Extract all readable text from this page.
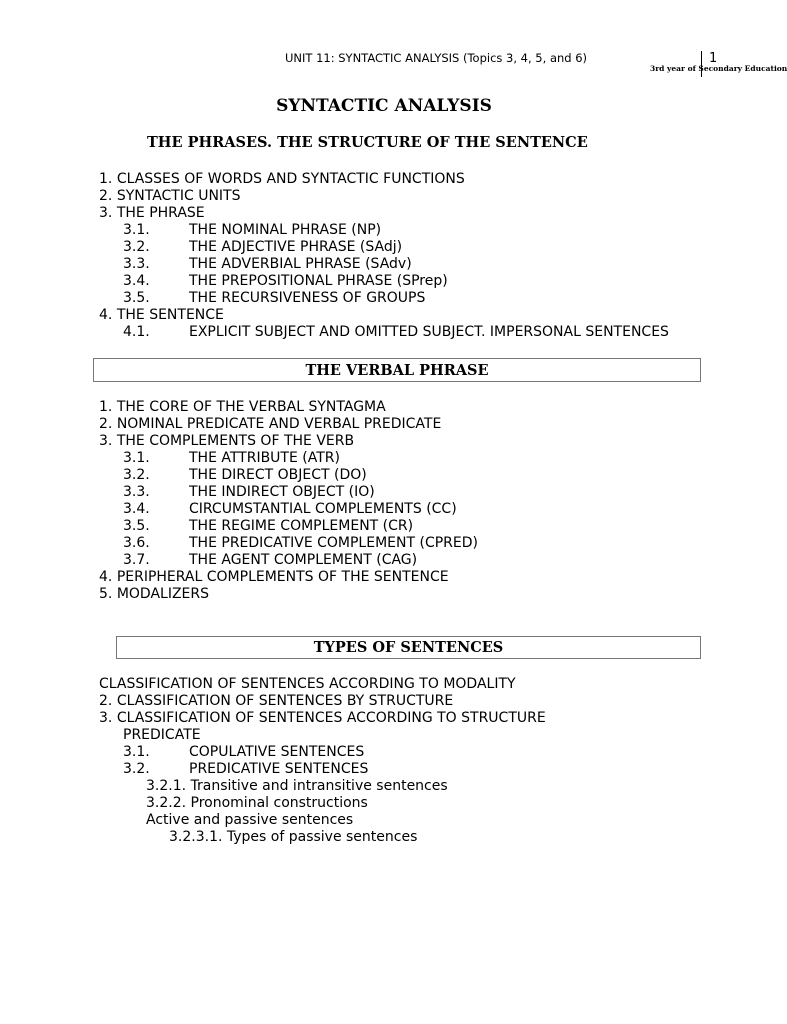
UNIT 11: SYNTACTIC ANALYSIS (Topics 3, 4, 5, and 6)	1
3rd year of Secondary Education
SYNTACTIC ANALYSIS
THE PHRASES. THE STRUCTURE OF THE SENTENCE
1. CLASSES OF WORDS AND SYNTACTIC FUNCTIONS
2. SYNTACTIC UNITS
3. THE PHRASE
3.1.	THE NOMINAL PHRASE (NP)
3.2.	THE ADJECTIVE PHRASE (SAdj)
3.3.	THE ADVERBIAL PHRASE (SAdv)
3.4.	THE PREPOSITIONAL PHRASE (SPrep)
3.5.	THE RECURSIVENESS OF GROUPS
4. THE SENTENCE
4.1.	EXPLICIT SUBJECT AND OMITTED SUBJECT. IMPERSONAL SENTENCES
THE VERBAL PHRASE
1. THE CORE OF THE VERBAL SYNTAGMA
2. NOMINAL PREDICATE AND VERBAL PREDICATE
3. THE COMPLEMENTS OF THE VERB
3.1.	THE ATTRIBUTE (ATR)
3.2.	THE DIRECT OBJECT (DO)
3.3.	THE INDIRECT OBJECT (IO)
3.4.	CIRCUMSTANTIAL COMPLEMENTS (CC)
3.5.	THE REGIME COMPLEMENT (CR)
3.6.	THE PREDICATIVE COMPLEMENT (CPRED)
3.7.	THE AGENT COMPLEMENT (CAG)
4. PERIPHERAL COMPLEMENTS OF THE SENTENCE
5. MODALIZERS
TYPES OF SENTENCES
CLASSIFICATION OF SENTENCES ACCORDING TO MODALITY
2. CLASSIFICATION OF SENTENCES BY STRUCTURE
3. CLASSIFICATION OF SENTENCES ACCORDING TO STRUCTURE
PREDICATE
3.1.	COPULATIVE SENTENCES
3.2.	PREDICATIVE SENTENCES
3.2.1. Transitive and intransitive sentences
3.2.2. Pronominal constructions
Active and passive sentences
3.2.3.1. Types of passive sentences
